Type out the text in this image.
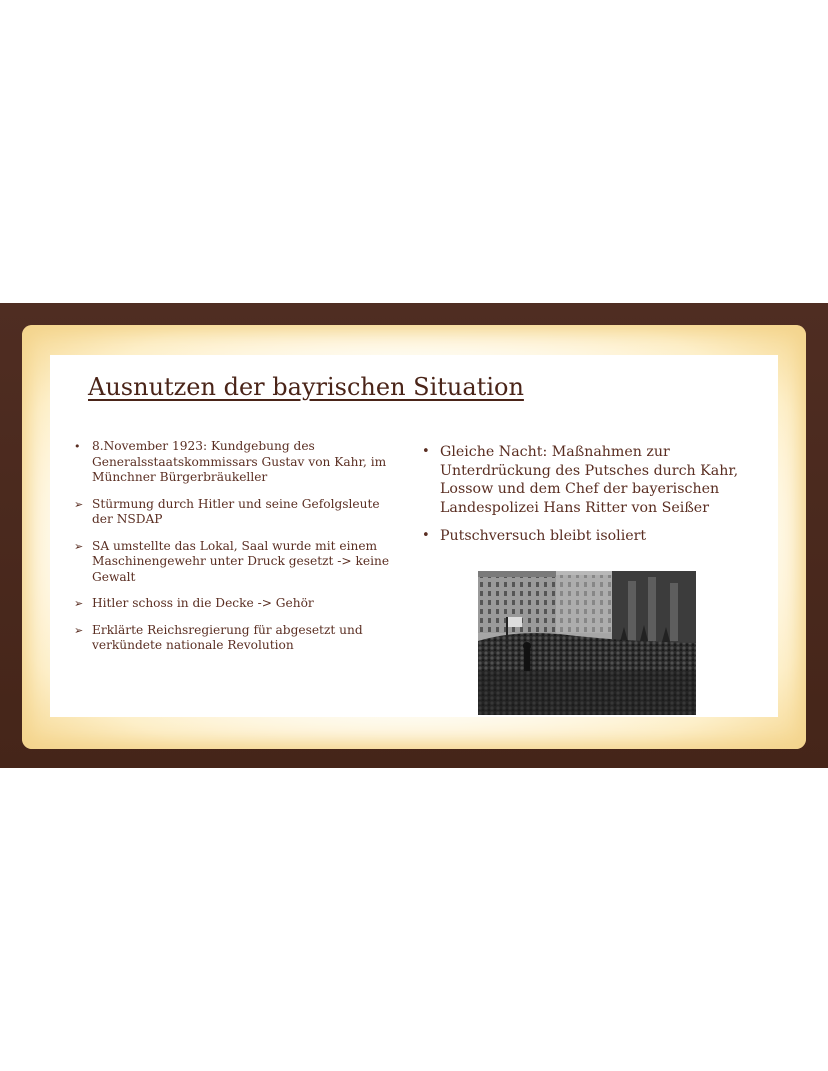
Ausnutzen der bayrischen Situation
• 8.November 1923: Kundgebung des Generalsstaatskommissars Gustav von Kahr, im Münchner Bürgerbräukeller
➢ Stürmung durch Hitler und seine Gefolgsleute der NSDAP
➢ SA umstellte das Lokal, Saal wurde mit einem Maschinengewehr unter Druck gesetzt -> keine Gewalt
➢ Hitler schoss in die Decke -> Gehör
➢ Erklärte Reichsregierung für abgesetzt und verkündete nationale Revolution
• Gleiche Nacht: Maßnahmen zur Unterdrückung des Putsches durch Kahr, Lossow und dem Chef der bayerischen Landespolizei Hans Ritter von Seißer
• Putschversuch bleibt isoliert
